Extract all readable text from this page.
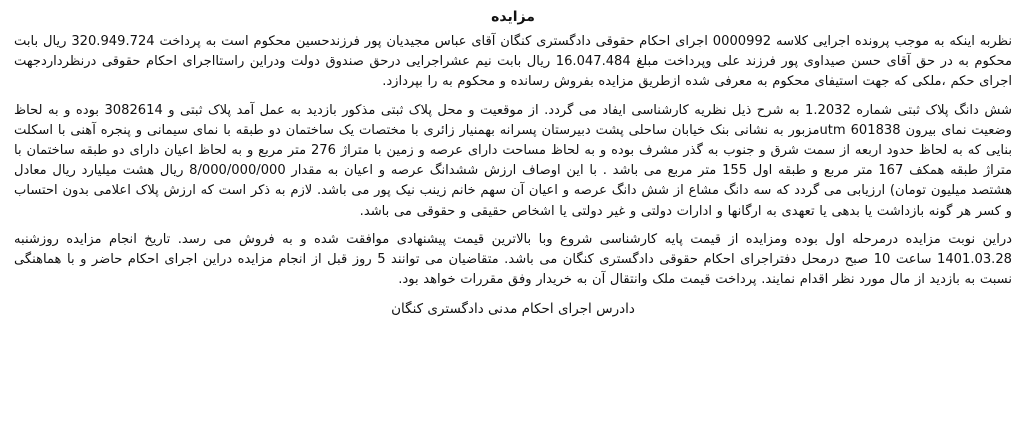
مزایده

نظربه اینکه به موجب پرونده اجرایی کلاسه 0000992 اجرای احکام حقوقی دادگستری کنگان آقای عباس مجیدیان پور فرزندحسین محکوم است به پرداخت 320.949.724 ریال بابت محکوم به در حق آقای حسن صیداوی پور فرزند علی وپرداخت مبلغ 16.047.484 ریال بابت نیم عشراجرایی درحق صندوق دولت ودراین راستااجرای احکام حقوقی درنظرداردجهت اجرای حکم ،ملکی که جهت استیفای محکوم به معرفی شده ازطریق مزایده بفروش رسانده و محکوم به را بپردازد.

شش دانگ پلاک ثبتی شماره 1.2032 به شرح ذیل نظریه کارشناسی ایفاد می گردد. از موقعیت و محل پلاک ثبتی مذکور بازدید به عمل آمد پلاک ثبتی و 3082614 بوده و به لحاظ وضعیت نمای بیرون utm 601838مزبور به نشانی بنک خیابان ساحلی پشت دبیرستان پسرانه بهمنیار زائری با مختصات یک ساختمان دو طبقه با نمای سیمانی و پنجره آهنی با اسکلت بنایی که به لحاظ حدود اربعه از سمت شرق و جنوب به گذر مشرف بوده و به لحاظ مساحت دارای عرصه و زمین با متراژ 276 متر مربع و به لحاظ اعیان دارای دو طبقه ساختمان با متراژ طبقه همکف 167 متر مربع و طبقه اول 155 متر مربع می باشد . با این اوصاف ارزش ششدانگ عرصه و اعیان به مقدار 8/000/000/000 ریال هشت میلیارد ریال معادل هشتصد میلیون تومان) ارزیابی می گردد که سه دانگ مشاع از شش دانگ عرصه و اعیان آن سهم خانم زینب نیک پور می باشد. لازم به ذکر است که ارزش پلاک اعلامی بدون احتساب و کسر هر گونه بازداشت یا بدهی یا تعهدی به ارگانها و ادارات دولتی و غیر دولتی یا اشخاص حقیقی و حقوقی می باشد.

دراین نوبت مزایده درمرحله اول بوده ومزایده از قیمت پایه کارشناسی شروع وبا بالاترین قیمت پیشنهادی موافقت شده و به فروش می رسد. تاریخ انجام مزایده روزشنبه 1401.03.28 ساعت 10 صبح درمحل دفتراجرای احکام حقوقی دادگستری کنگان می باشد. متقاضیان می توانند 5 روز قبل از انجام مزایده دراین اجرای احکام حاضر و با هماهنگی نسبت به بازدید از مال مورد نظر اقدام نمایند. پرداخت قیمت ملک وانتقال آن به خریدار وفق مقررات خواهد بود.

دادرس اجرای احکام مدنی دادگستری کنگان
